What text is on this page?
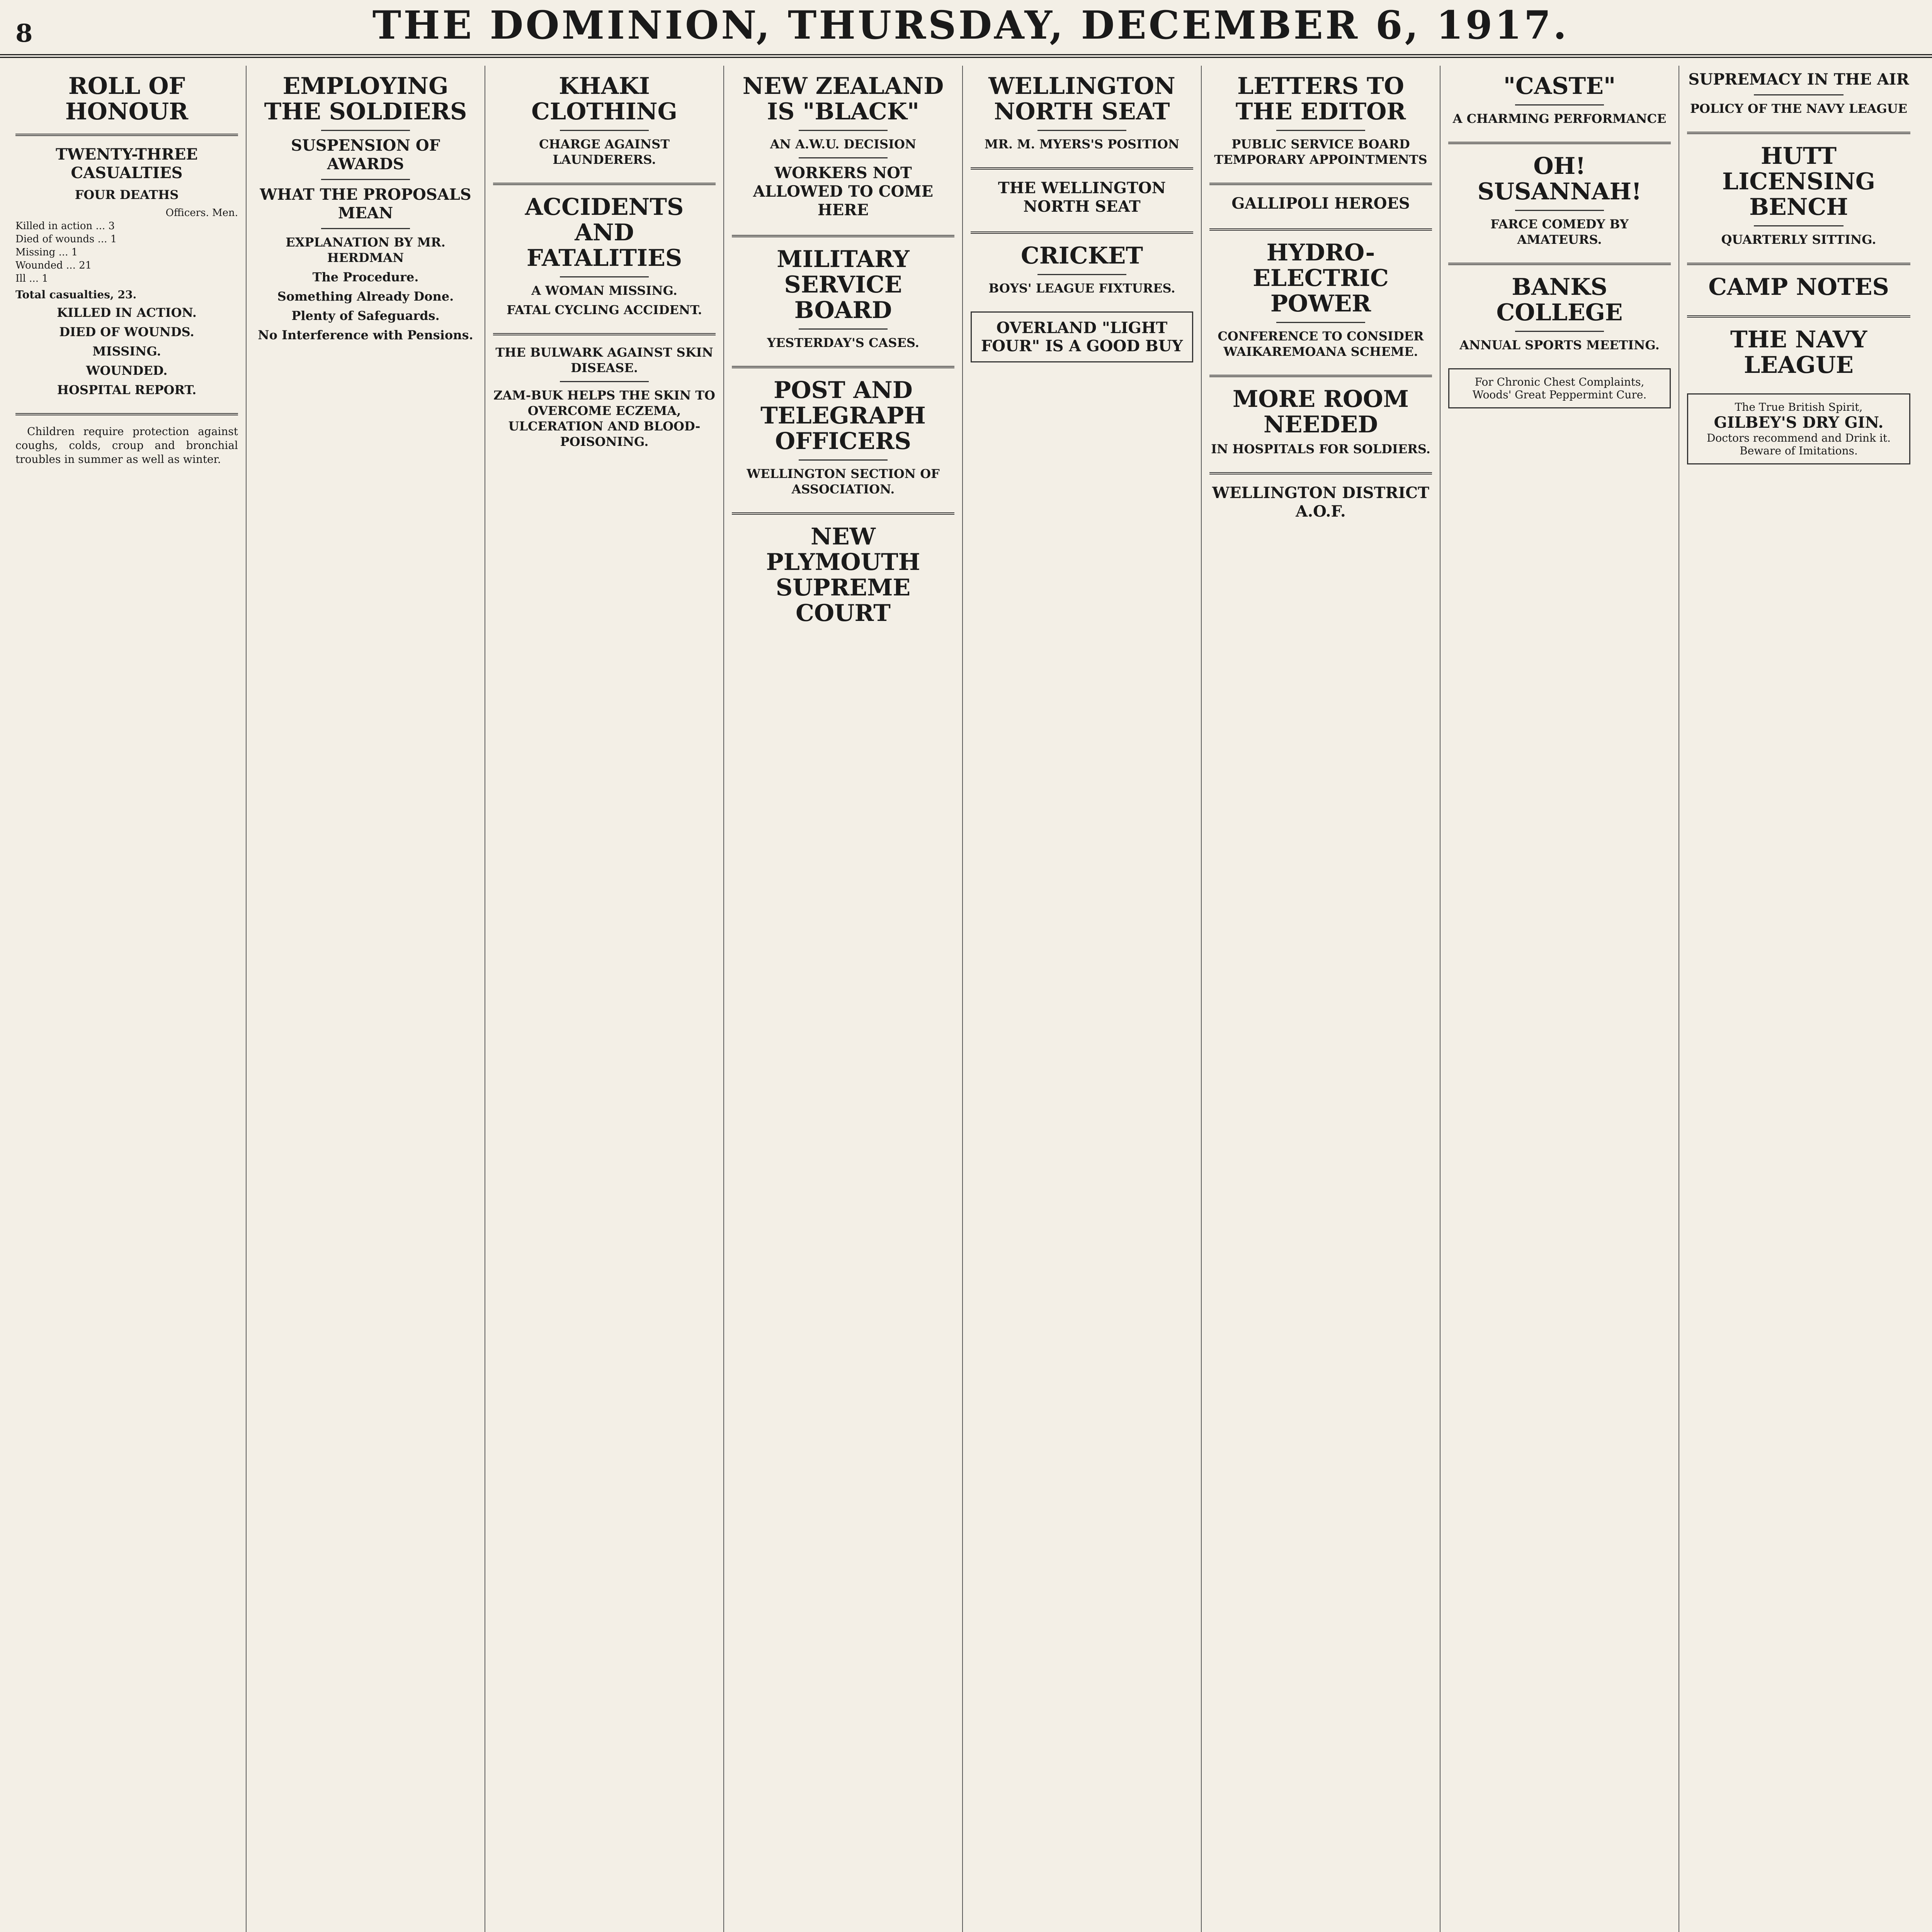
8	THE DOMINION, THURSDAY, DECEMBER 6, 1917.
ROLL OF HONOUR
TWENTY-THREE CASUALTIES
FOUR DEATHS
Officers. Men.
Killed in action ... 3
Died of wounds ... 1
Missing ... 1
Wounded ... 21
Ill ... 1
Total casualties, 23.
KILLED IN ACTION.
DIED OF WOUNDS.
MISSING.
WOUNDED.
HOSPITAL REPORT.

Children require protection against coughs, colds, croup and bronchial troubles in summer as well as winter.

EMPLOYING THE SOLDIERS
SUSPENSION OF AWARDS
WHAT THE PROPOSALS MEAN
EXPLANATION BY MR. HERDMAN
The Procedure.
Something Already Done.
Plenty of Safeguards.
No Interference with Pensions.
KHAKI CLOTHING
CHARGE AGAINST LAUNDERERS.
ACCIDENTS AND FATALITIES
A WOMAN MISSING.
FATAL CYCLING ACCIDENT.
THE BULWARK AGAINST SKIN DISEASE.
ZAM-BUK HELPS THE SKIN TO OVERCOME ECZEMA, ULCERATION AND BLOOD-POISONING.
NEW ZEALAND IS "BLACK"
AN A.W.U. DECISION
WORKERS NOT ALLOWED TO COME HERE
MILITARY SERVICE BOARD
YESTERDAY'S CASES.
POST AND TELEGRAPH OFFICERS
WELLINGTON SECTION OF ASSOCIATION.
NEW PLYMOUTH SUPREME COURT
WELLINGTON NORTH SEAT
MR. M. MYERS'S POSITION
THE WELLINGTON NORTH SEAT
CRICKET
BOYS' LEAGUE FIXTURES.
OVERLAND "LIGHT FOUR" IS A GOOD BUY
LETTERS TO THE EDITOR
PUBLIC SERVICE BOARD TEMPORARY APPOINTMENTS
GALLIPOLI HEROES
HYDRO-ELECTRIC POWER
CONFERENCE TO CONSIDER WAIKAREMOANA SCHEME.
MORE ROOM NEEDED
IN HOSPITALS FOR SOLDIERS.
WELLINGTON DISTRICT A.O.F.
"CASTE"
A CHARMING PERFORMANCE
OH! SUSANNAH!
FARCE COMEDY BY AMATEURS.
BANKS COLLEGE
ANNUAL SPORTS MEETING.
For Chronic Chest Complaints, Woods' Great Peppermint Cure.
SUPREMACY IN THE AIR
POLICY OF THE NAVY LEAGUE
HUTT LICENSING BENCH
QUARTERLY SITTING.
CAMP NOTES
THE NAVY LEAGUE
The True British Spirit,
GILBEY'S DRY GIN.
Doctors recommend and Drink it.
Beware of Imitations.
